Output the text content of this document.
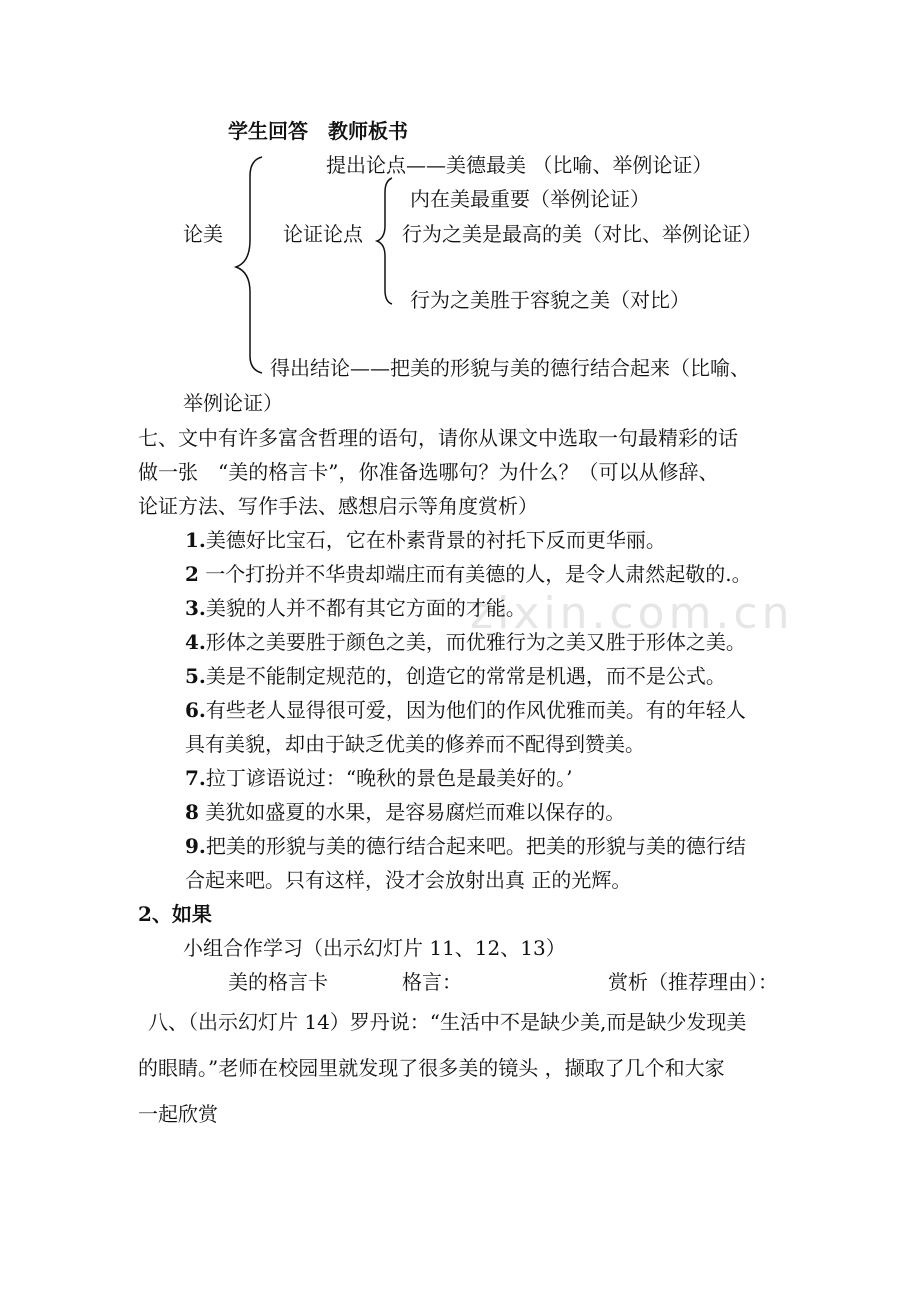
zixin.com.cn
学生回答　教师板书
提出论点——美德最美 （比喻、举例论证）
论美	论证论点
内在美最重要（举例论证）
行为之美是最高的美（对比、举例论证）
行为之美胜于容貌之美（对比）
得出结论——把美的形貌与美的德行结合起来（比喻、
举例论证）
七、文中有许多富含哲理的语句，请你从课文中选取一句最精彩的话
做一张　“美的格言卡”，你准备选哪句？为什么？（可以从修辞、
论证方法、写作手法、感想启示等角度赏析）
1.美德好比宝石，它在朴素背景的衬托下反而更华丽。
2 一个打扮并不华贵却端庄而有美德的人，是令人肃然起敬的.。
3.美貌的人并不都有其它方面的才能。
4.形体之美要胜于颜色之美，而优雅行为之美又胜于形体之美。
5.美是不能制定规范的，创造它的常常是机遇，而不是公式。
6.有些老人显得很可爱，因为他们的作风优雅而美。有的年轻人
具有美貌，却由于缺乏优美的修养而不配得到赞美。
7.拉丁谚语说过：“晚秋的景色是最美好的。’
8 美犹如盛夏的水果，是容易腐烂而难以保存的。
9.把美的形貌与美的德行结合起来吧。把美的形貌与美的德行结
合起来吧。只有这样，没才会放射出真 正的光辉。
2、如果
小组合作学习（出示幻灯片 11、12、13）
美的格言卡	格言：	赏析（推荐理由）：
八、（出示幻灯片 14）罗丹说：“生活中不是缺少美,而是缺少发现美
的眼睛。”老师在校园里就发现了很多美的镜头 ，撷取了几个和大家
一起欣赏
